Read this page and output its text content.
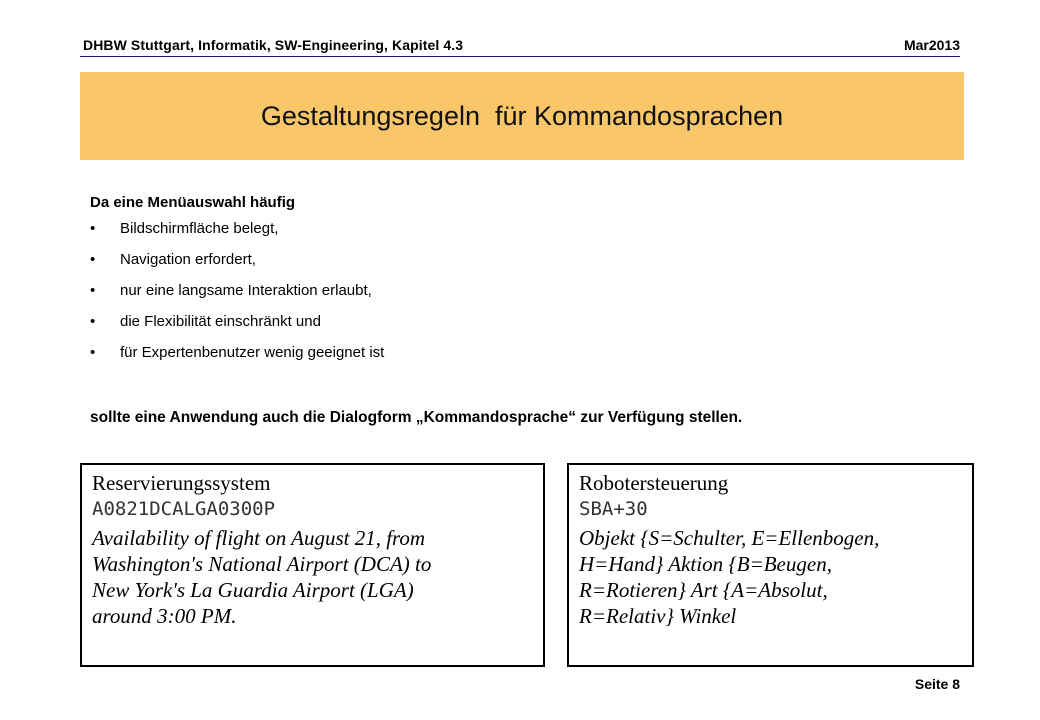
DHBW Stuttgart, Informatik, SW-Engineering, Kapitel 4.3	Mar2013
Gestaltungsregeln  für Kommandosprachen

Da eine Menüauswahl häufig

• Bildschirmfläche belegt,
• Navigation erfordert,
• nur eine langsame Interaktion erlaubt,
• die Flexibilität einschränkt und
• für Expertenbenutzer wenig geeignet ist
sollte eine Anwendung auch die Dialogform „Kommandosprache“ zur Verfügung stellen.
Reservierungssystem
A0821DCALGA0300P
Availability of flight on August 21, from
Washington's National Airport (DCA) to
New York's La Guardia Airport (LGA)
around 3:00 PM.
Robotersteuerung
SBA+30
Objekt {S=Schulter, E=Ellenbogen,
H=Hand} Aktion {B=Beugen,
R=Rotieren} Art {A=Absolut,
R=Relativ} Winkel
Seite 8
